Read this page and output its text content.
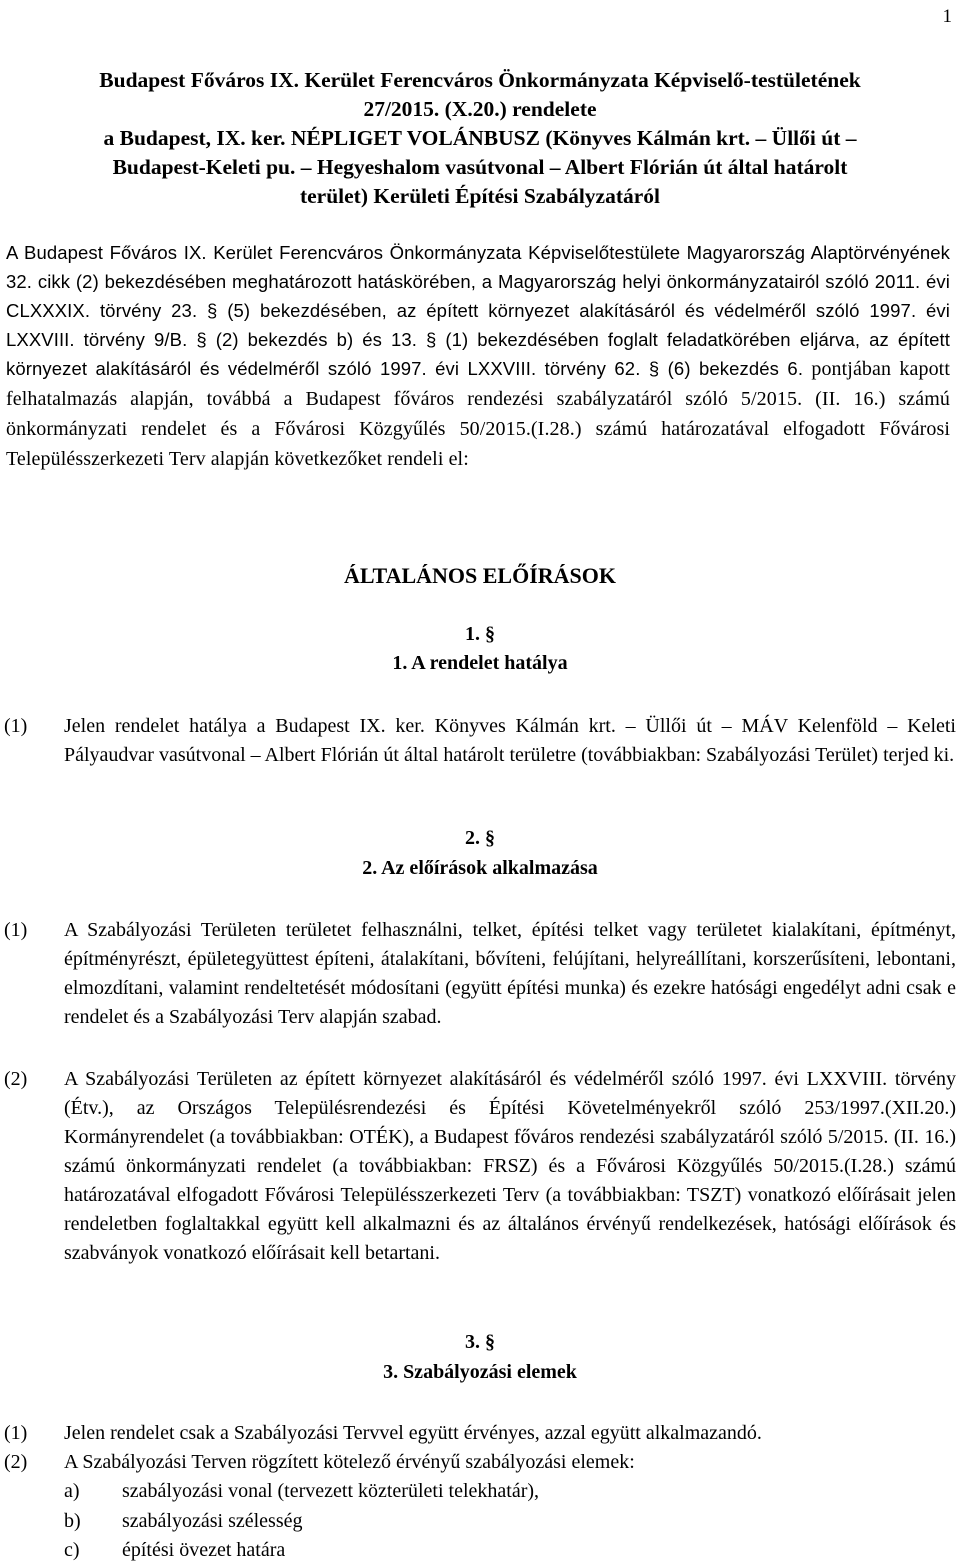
1
Budapest Főváros IX. Kerület Ferencváros Önkormányzata Képviselő-testületének
27/2015. (X.20.) rendelete
a Budapest, IX. ker. NÉPLIGET VOLÁNBUSZ (Könyves Kálmán krt. – Üllői út –
Budapest-Keleti pu. – Hegyeshalom vasútvonal – Albert Flórián út által határolt
terület) Kerületi Építési Szabályzatáról
A Budapest Főváros IX. Kerület Ferencváros Önkormányzata Képviselőtestülete Magyarország Alaptörvényének 32. cikk (2) bekezdésében meghatározott hatáskörében, a Magyarország helyi önkormányzatairól szóló 2011. évi CLXXXIX. törvény 23. § (5) bekezdésében, az épített környezet alakításáról és védelméről szóló 1997. évi LXXVIII. törvény 9/B. § (2) bekezdés b) és 13. § (1) bekezdésében foglalt feladatkörében eljárva, az épített környezet alakításáról és védelméről szóló 1997. évi LXXVIII. törvény 62. § (6) bekezdés 6. pontjában kapott felhatalmazás alapján, továbbá a Budapest főváros rendezési szabályzatáról szóló 5/2015. (II. 16.) számú önkormányzati rendelet és a Fővárosi Közgyűlés 50/2015.(I.28.) számú határozatával elfogadott Fővárosi Településszerkezeti Terv alapján következőket rendeli el:
ÁLTALÁNOS ELŐÍRÁSOK
1. §
1. A rendelet hatálya
(1) Jelen rendelet hatálya a Budapest IX. ker. Könyves Kálmán krt. – Üllői út – MÁV Kelenföld – Keleti Pályaudvar vasútvonal – Albert Flórián út által határolt területre (továbbiakban: Szabályozási Terület) terjed ki.
2. §
2. Az előírások alkalmazása
(1) A Szabályozási Területen területet felhasználni, telket, építési telket vagy területet kialakítani, építményt, építményrészt, épületegyüttest építeni, átalakítani, bővíteni, felújítani, helyreállítani, korszerűsíteni, lebontani, elmozdítani, valamint rendeltetését módosítani (együtt építési munka) és ezekre hatósági engedélyt adni csak e rendelet és a Szabályozási Terv alapján szabad.
(2) A Szabályozási Területen az épített környezet alakításáról és védelméről szóló 1997. évi LXXVIII. törvény (Étv.), az Országos Településrendezési és Építési Követelményekről szóló 253/1997.(XII.20.) Kormányrendelet (a továbbiakban: OTÉK), a Budapest főváros rendezési szabályzatáról szóló 5/2015. (II. 16.) számú önkormányzati rendelet (a továbbiakban: FRSZ) és a Fővárosi Közgyűlés 50/2015.(I.28.) számú határozatával elfogadott Fővárosi Településszerkezeti Terv (a továbbiakban: TSZT) vonatkozó előírásait jelen rendeletben foglaltakkal együtt kell alkalmazni és az általános érvényű rendelkezések, hatósági előírások és szabványok vonatkozó előírásait kell betartani.
3. §
3. Szabályozási elemek
(1) Jelen rendelet csak a Szabályozási Tervvel együtt érvényes, azzal együtt alkalmazandó.
(2) A Szabályozási Terven rögzített kötelező érvényű szabályozási elemek:
a) szabályozási vonal (tervezett közterületi telekhatár),
b) szabályozási szélesség
c) építési övezet határa
